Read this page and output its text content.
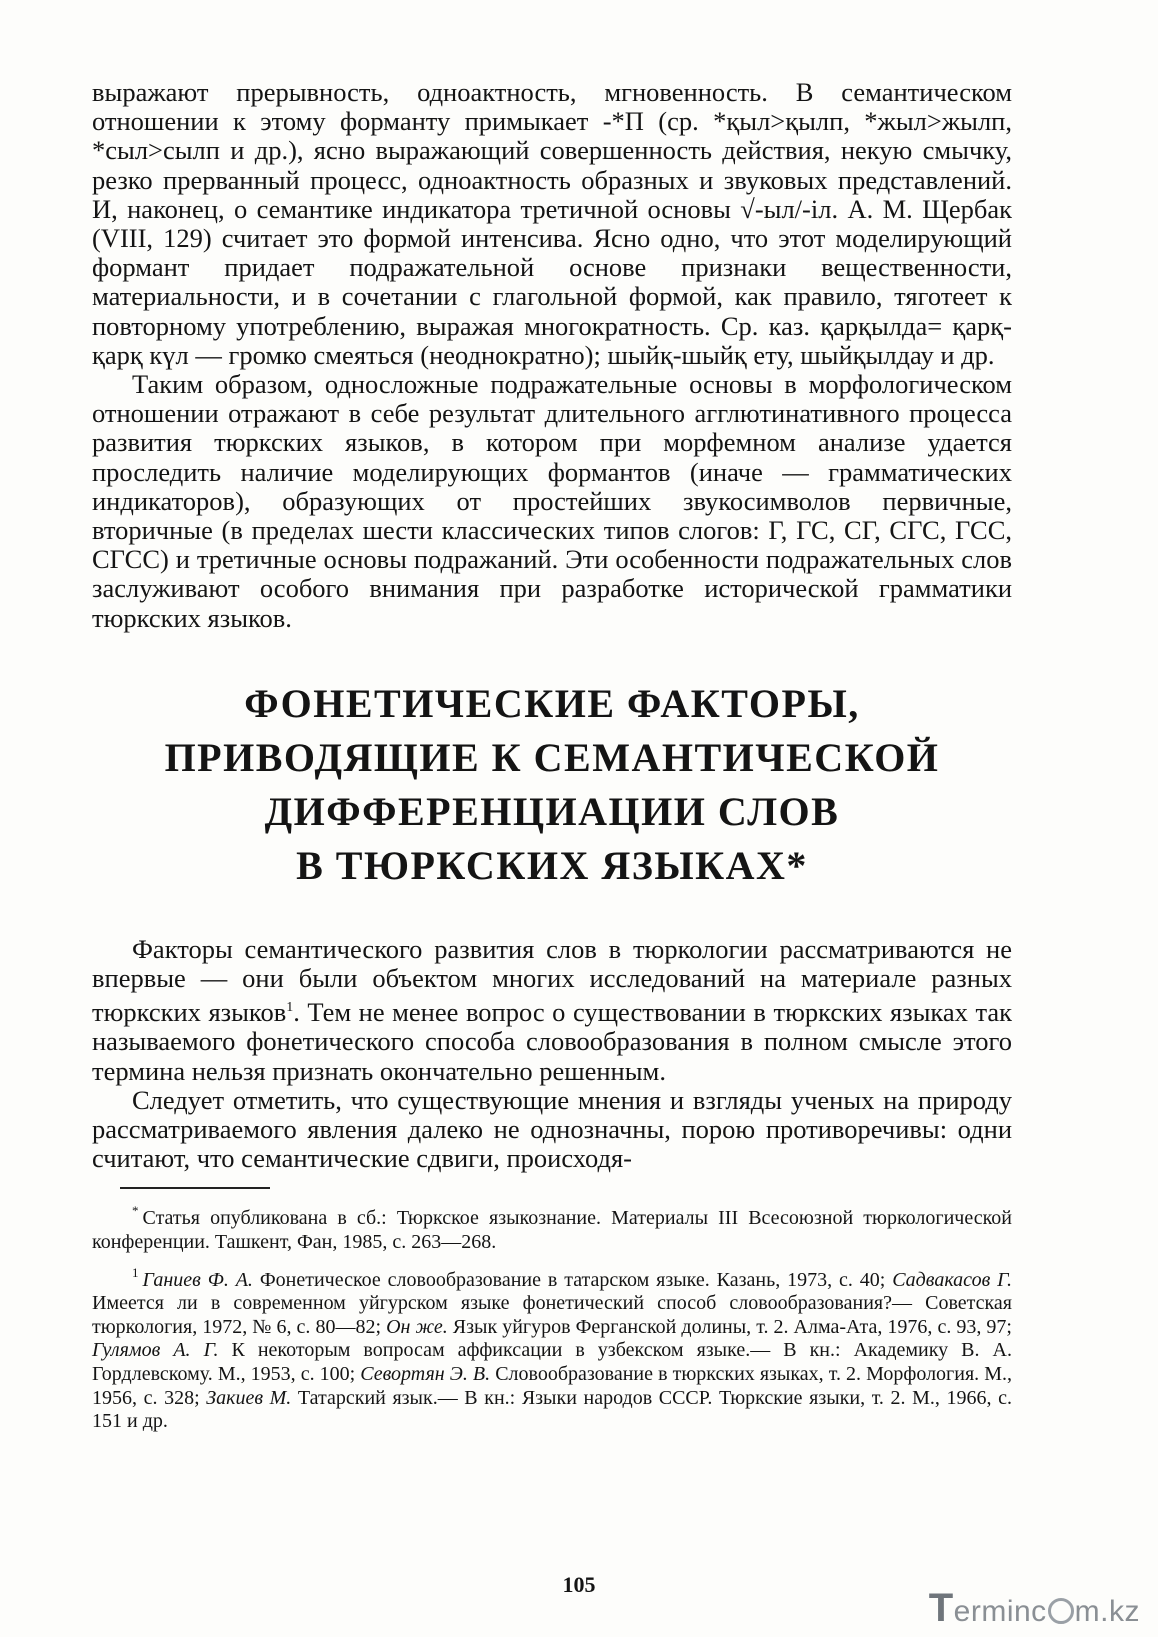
выражают прерывность, одноактность, мгновенность. В семантическом отношении к этому форманту примыкает -*П (ср. *қыл>қылп, *жыл>жылп, *сыл>сылп и др.), ясно выражающий совершенность действия, некую смычку, резко прерванный процесс, одноактность образных и звуковых представлений. И, наконец, о семантике индикатора третичной основы √-ыл/-іл. А. М. Щербак (VIII, 129) считает это формой интенсива. Ясно одно, что этот моделирующий формант придает подражательной основе признаки вещественности, материальности, и в сочетании с глагольной формой, как правило, тяготеет к повторному употреблению, выражая многократность. Ср. каз. қарқылда= қарқ-қарқ күл — громко смеяться (неоднократно); шыйқ-шыйқ ету, шыйқылдау и др.

Таким образом, односложные подражательные основы в морфологическом отношении отражают в себе результат длительного агглютинативного процесса развития тюркских языков, в котором при морфемном анализе удается проследить наличие моделирующих формантов (иначе — грамматических индикаторов), образующих от простейших звукосимволов первичные, вторичные (в пределах шести классических типов слогов: Г, ГС, СГ, СГС, ГСС, СГСС) и третичные основы подражаний. Эти особенности подражательных слов заслуживают особого внимания при разработке исторической грамматики тюркских языков.

ФОНЕТИЧЕСКИЕ ФАКТОРЫ,
ПРИВОДЯЩИЕ К СЕМАНТИЧЕСКОЙ
ДИФФЕРЕНЦИАЦИИ СЛОВ
В ТЮРКСКИХ ЯЗЫКАХ*

Факторы семантического развития слов в тюркологии рассматриваются не впервые — они были объектом многих исследований на материале разных тюркских языков$^1$. Тем не менее вопрос о существовании в тюркских языках так называемого фонетического способа словообразования в полном смысле этого термина нельзя признать окончательно решенным.

Следует отметить, что существующие мнения и взгляды ученых на природу рассматриваемого явления далеко не однозначны, порою противоречивы: одни считают, что семантические сдвиги, происходя-

* Статья опубликована в сб.: Тюркское языкознание. Материалы III Всесоюзной тюркологической конференции. Ташкент, Фан, 1985, с. 263—268.

$^1$ Ганиев Ф. А. Фонетическое словообразование в татарском языке. Казань, 1973, с. 40; Садвакасов Г. Имеется ли в современном уйгурском языке фонетический способ словообразования?— Советская тюркология, 1972, № 6, с. 80—82; Он же. Язык уйгуров Ферганской долины, т. 2. Алма-Ата, 1976, с. 93, 97; Гулямов А. Г. К некоторым вопросам аффиксации в узбекском языке.— В кн.: Академику В. А. Гордлевскому. М., 1953, с. 100; Севортян Э. В. Словообразование в тюркских языках, т. 2. Морфология. М., 1956, с. 328; Закиев М. Татарский язык.— В кн.: Языки народов СССР. Тюркские языки, т. 2. М., 1966, с. 151 и др.

105
Terminc m.kz
